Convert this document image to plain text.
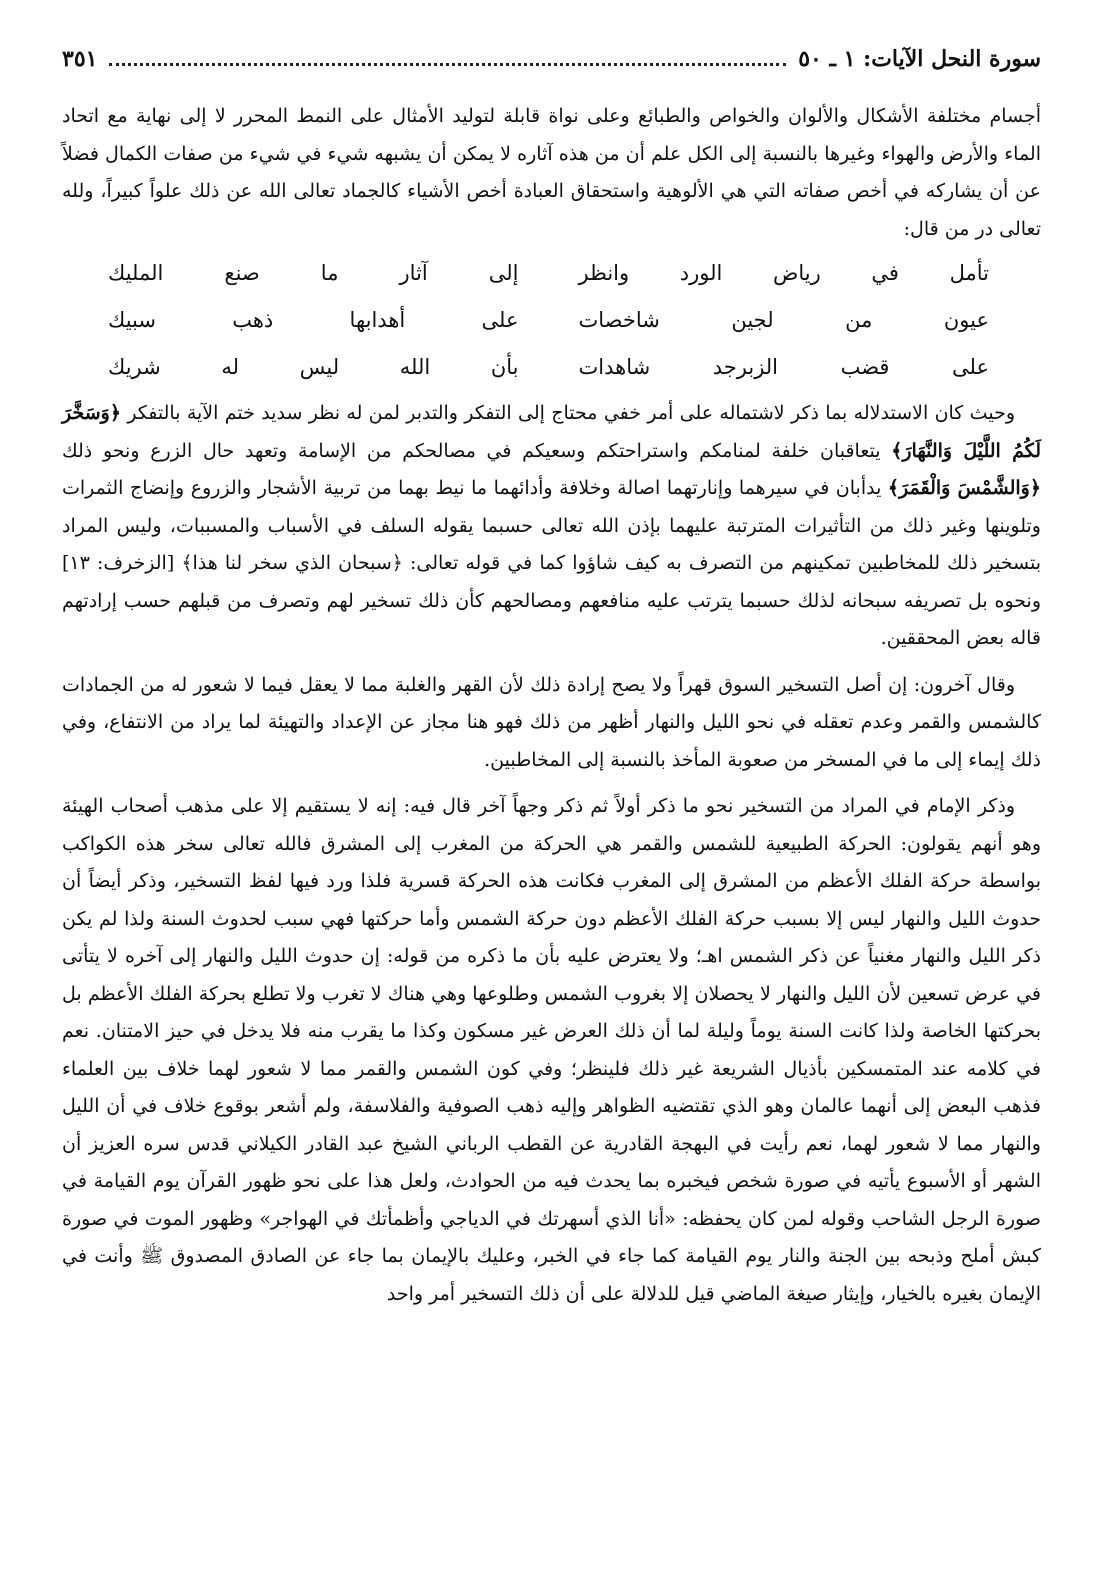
سورة النحل الآيات: ١ ـ ٥٠
٣٥١

أجسام مختلفة الأشكال والألوان والخواص والطبائع وعلى نواة قابلة لتوليد الأمثال على النمط المحرر لا إلى نهاية مع اتحاد الماء والأرض والهواء وغيرها بالنسبة إلى الكل علم أن من هذه آثاره لا يمكن أن يشبهه شيء في شيء من صفات الكمال فضلاً عن أن يشاركه في أخص صفاته التي هي الألوهية واستحقاق العبادة أخص الأشياء كالجماد تعالى الله عن ذلك علواً كبيراً، ولله تعالى در من قال:

تأمل في رياض الورد وانظر
إلى آثار ما صنع المليك
عيون من لجين شاخصات
على أهدابها ذهب سبيك
على قضب الزبرجد شاهدات
بأن الله ليس له شريك

وحيث كان الاستدلاله بما ذكر لاشتماله على أمر خفي محتاج إلى التفكر والتدبر لمن له نظر سديد ختم الآية بالتفكر ﴿وَسَخَّرَ لَكُمُ اللَّيْلَ وَالنَّهَارَ﴾ يتعاقبان خلفة لمنامكم واستراحتكم وسعيكم في مصالحكم من الإسامة وتعهد حال الزرع ونحو ذلك ﴿وَالشَّمْسَ وَالْقَمَرَ﴾ يدأبان في سيرهما وإنارتهما اصالة وخلافة وأدائهما ما نيط بهما من تربية الأشجار والزروع وإنضاج الثمرات وتلوينها وغير ذلك من التأثيرات المترتبة عليهما بإذن الله تعالى حسبما يقوله السلف في الأسباب والمسببات، وليس المراد بتسخير ذلك للمخاطبين تمكينهم من التصرف به كيف شاؤوا كما في قوله تعالى: ﴿سبحان الذي سخر لنا هذا﴾ [الزخرف: ١٣] ونحوه بل تصريفه سبحانه لذلك حسبما يترتب عليه منافعهم ومصالحهم كأن ذلك تسخير لهم وتصرف من قبلهم حسب إرادتهم قاله بعض المحققين.

وقال آخرون: إن أصل التسخير السوق قهراً ولا يصح إرادة ذلك لأن القهر والغلبة مما لا يعقل فيما لا شعور له من الجمادات كالشمس والقمر وعدم تعقله في نحو الليل والنهار أظهر من ذلك فهو هنا مجاز عن الإعداد والتهيئة لما يراد من الانتفاع، وفي ذلك إيماء إلى ما في المسخر من صعوبة المأخذ بالنسبة إلى المخاطبين.

وذكر الإمام في المراد من التسخير نحو ما ذكر أولاً ثم ذكر وجهاً آخر قال فيه: إنه لا يستقيم إلا على مذهب أصحاب الهيئة وهو أنهم يقولون: الحركة الطبيعية للشمس والقمر هي الحركة من المغرب إلى المشرق فالله تعالى سخر هذه الكواكب بواسطة حركة الفلك الأعظم من المشرق إلى المغرب فكانت هذه الحركة قسرية فلذا ورد فيها لفظ التسخير، وذكر أيضاً أن حدوث الليل والنهار ليس إلا بسبب حركة الفلك الأعظم دون حركة الشمس وأما حركتها فهي سبب لحدوث السنة ولذا لم يكن ذكر الليل والنهار مغنياً عن ذكر الشمس اهـ؛ ولا يعترض عليه بأن ما ذكره من قوله: إن حدوث الليل والنهار إلى آخره لا يتأتى في عرض تسعين لأن الليل والنهار لا يحصلان إلا بغروب الشمس وطلوعها وهي هناك لا تغرب ولا تطلع بحركة الفلك الأعظم بل بحركتها الخاصة ولذا كانت السنة يوماً وليلة لما أن ذلك العرض غير مسكون وكذا ما يقرب منه فلا يدخل في حيز الامتنان. نعم في كلامه عند المتمسكين بأذيال الشريعة غير ذلك فلينظر؛ وفي كون الشمس والقمر مما لا شعور لهما خلاف بين العلماء فذهب البعض إلى أنهما عالمان وهو الذي تقتضيه الظواهر وإليه ذهب الصوفية والفلاسفة، ولم أشعر بوقوع خلاف في أن الليل والنهار مما لا شعور لهما، نعم رأيت في البهجة القادرية عن القطب الرباني الشيخ عبد القادر الكيلاني قدس سره العزيز أن الشهر أو الأسبوع يأتيه في صورة شخص فيخبره بما يحدث فيه من الحوادث، ولعل هذا على نحو ظهور القرآن يوم القيامة في صورة الرجل الشاحب وقوله لمن كان يحفظه: «أنا الذي أسهرتك في الدياجي وأظمأتك في الهواجر» وظهور الموت في صورة كبش أملح وذبحه بين الجنة والنار يوم القيامة كما جاء في الخبر، وعليك بالإيمان بما جاء عن الصادق المصدوق ﷺ وأنت في الإيمان بغيره بالخيار، وإيثار صيغة الماضي قيل للدلالة على أن ذلك التسخير أمر واحد
